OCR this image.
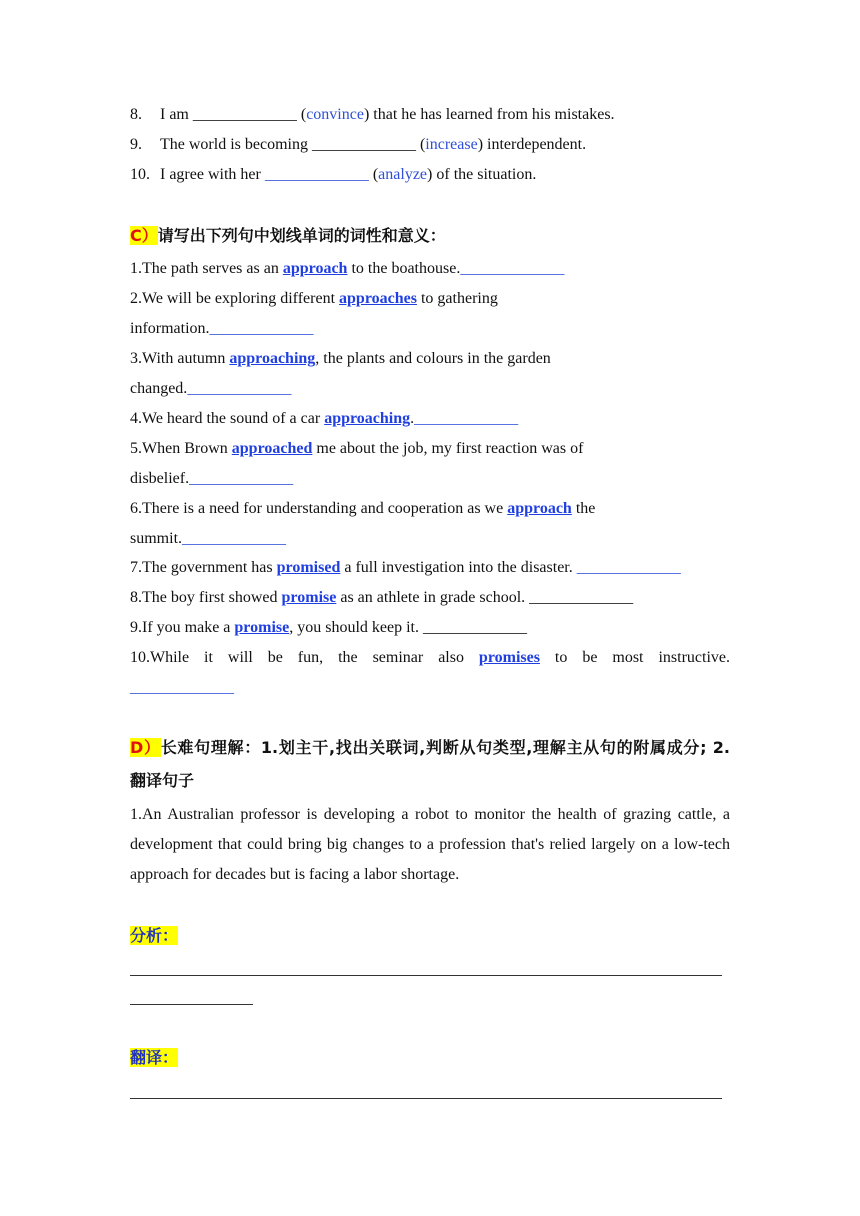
8. I am _____________ (convince) that he has learned from his mistakes.
9. The world is becoming _____________ (increase) interdependent.
10. I agree with her _____________ (analyze) of the situation.
C）请写出下列句中划线单词的词性和意义：
1.The path serves as an approach to the boathouse._____________
2.We will be exploring different approaches to gathering
information._____________
3.With autumn approaching, the plants and colours in the garden
changed._____________
4.We heard the sound of a car approaching._____________
5.When Brown approached me about the job, my first reaction was of
disbelief._____________
6.There is a need for understanding and cooperation as we approach the
summit._____________
7.The government has promised a full investigation into the disaster. _____________
8.The boy first showed promise as an athlete in grade school. _____________
9.If you make a promise, you should keep it. _____________
10.While it will be fun, the seminar also promises to be most instructive.
_____________
D）长难句理解：1.划主干,找出关联词,判断从句类型,理解主从句的附属成分; 2.
翻译句子
1.An Australian professor is developing a robot to monitor the health of grazing cattle, a development that could bring big changes to a profession that's relied largely on a low-tech approach for decades but is facing a labor shortage.
分析：
翻译：
